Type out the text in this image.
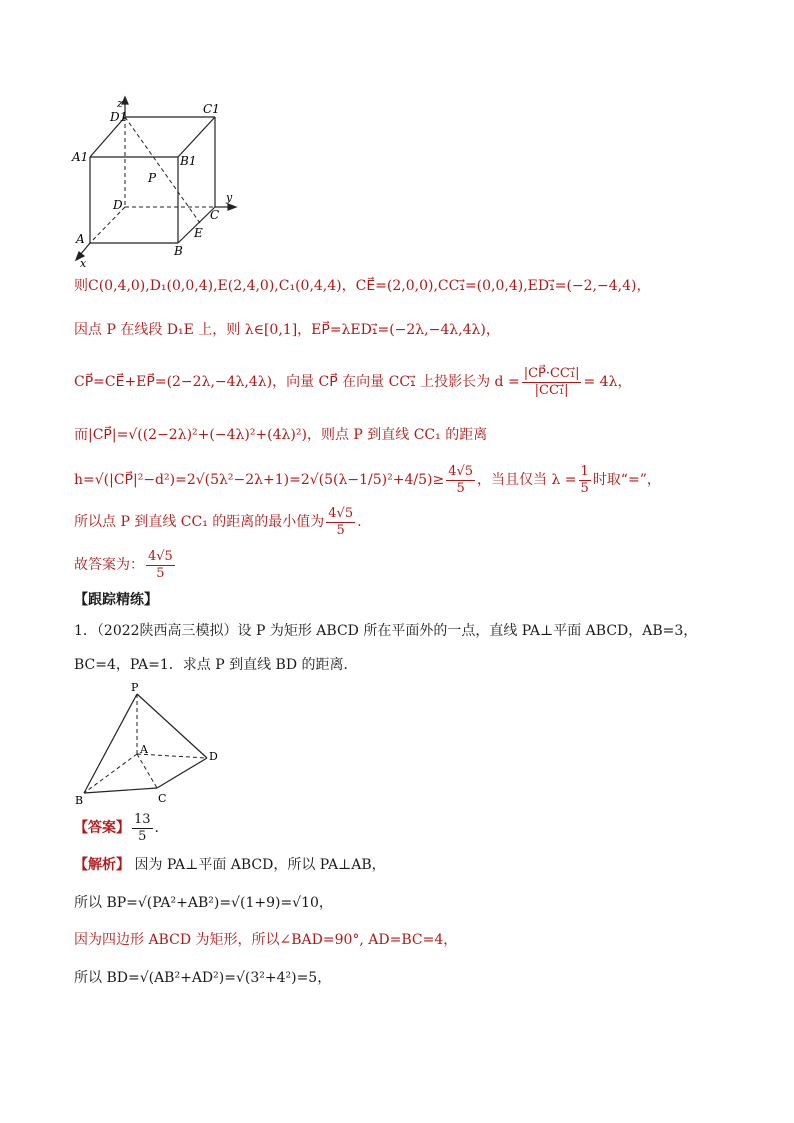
z
D1
C1
A1	B1
P
D
y
C
A
x
E
B
则C(0,4,0),D₁(0,0,4),E(2,4,0),C₁(0,4,4)，CE⃗=(2,0,0),CC₁⃗=(0,0,4),ED₁⃗=(−2,−4,4)，
因点 P 在线段 D₁E 上，则 λ∈[0,1]，EP⃗=λED₁⃗=(−2λ,−4λ,4λ)，
CP⃗=CE⃗+EP⃗=(2−2λ,−4λ,4λ)，向量 CP⃗ 在向量 CC₁⃗ 上投影长为 $d = \frac{\text{|CP⃗·CC₁⃗|}}{\text{|CC₁⃗|}} = 4\lambda$，
而|CP⃗|=√((2−2λ)²+(−4λ)²+(4λ)²)，则点 P 到直线 CC₁ 的距离
h=√(|CP⃗|²−d²)=2√(5λ²−2λ+1)=2√(5(λ−1/5)²+4/5)≥ $\frac{4√5}{5}$ ，当且仅当 $\lambda = \frac{1}{5}$ 时取“=”，
所以点 P 到直线 CC₁ 的距离的最小值为 $\frac{4√5}{5}$ .
故答案为： $\frac{4√5}{5}$
【跟踪精练】
1．（2022陕西高三模拟）设 P 为矩形 ABCD 所在平面外的一点，直线 PA⊥平面 ABCD，AB=3，
BC=4，PA=1．求点 P 到直线 BD 的距离．
P
A
D
B	C
【答案】 $\frac{13}{5}$ .
【解析】 因为 PA⊥平面 ABCD，所以 PA⊥AB，
所以 BP=√(PA²+AB²)=√(1+9)=√10，
因为四边形 ABCD 为矩形，所以∠BAD=90°, AD=BC=4，
所以 BD=√(AB²+AD²)=√(3²+4²)=5，
